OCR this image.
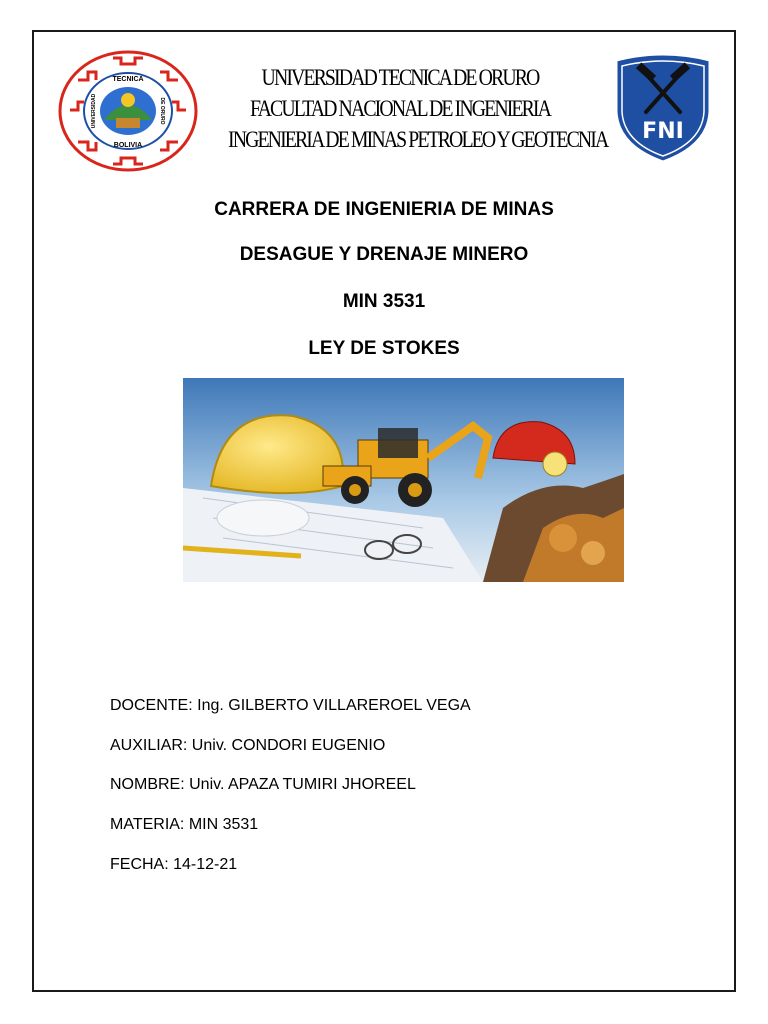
TECNICA
BOLIVIA
UNIVERSIDAD	DE ORURO
UNIVERSIDAD TECNICA DE ORURO
FACULTAD NACIONAL DE INGENIERIA
INGENIERIA DE MINAS PETROLEO Y GEOTECNIA FNI
CARRERA DE INGENIERIA DE MINAS
DESAGUE Y DRENAJE MINERO
MIN 3531
LEY DE STOKES
DOCENTE: Ing. GILBERTO VILLAREROEL VEGA
AUXILIAR: Univ. CONDORI EUGENIO
NOMBRE: Univ. APAZA TUMIRI JHOREEL
MATERIA: MIN 3531
FECHA: 14-12-21
